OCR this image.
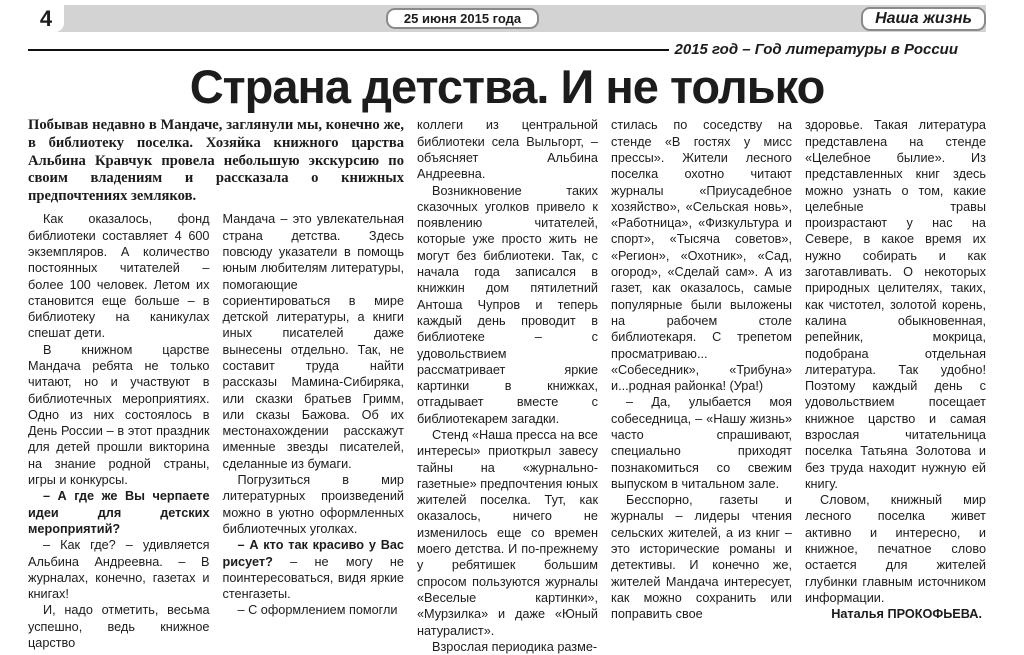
4	25 июня 2015 года	Наша жизнь
2015 год – Год литературы в России
Страна детства. И не только
Побывав недавно в Мандаче, заглянули мы, конечно же, в библиотеку поселка. Хозяйка книжного царства Альбина Кравчук провела небольшую экскурсию по своим владениям и рассказала о книжных предпочтениях земляков.

Как оказалось, фонд библиотеки составляет 4 600 экземпляров. А количество постоянных читателей – более 100 человек. Летом их становится еще больше – в библиотеку на каникулах спешат дети.

В книжном царстве Мандача ребята не только читают, но и участвуют в библиотечных мероприятиях. Одно из них состоялось в День России – в этот праздник для детей прошли викторина на знание родной страны, игры и конкурсы.

– А где же Вы черпаете идеи для детских мероприятий?

– Как где? – удивляется Альбина Андреевна. – В журналах, конечно, газетах и книгах!

И, надо отметить, весьма успешно, ведь книжное царство

Мандача – это увлекательная страна детства. Здесь повсюду указатели в помощь юным любителям литературы, помогающие сориентироваться в мире детской литературы, а книги иных писателей даже вынесены отдельно. Так, не составит труда найти рассказы Мамина-Сибиряка, или сказки братьев Гримм, или сказы Бажова. Об их местонахождении расскажут именные звезды писателей, сделанные из бумаги.

Погрузиться в мир литературных произведений можно в уютно оформленных библиотечных уголках.

– А кто так красиво у Вас рисует? – не могу не поинтересоваться, видя яркие стенгазеты.

– С оформлением помогли

коллеги из центральной библиотеки села Выльгорт, – объясняет Альбина Андреевна.

Возникновение таких сказочных уголков привело к появлению читателей, которые уже просто жить не могут без библиотеки. Так, с начала года записался в книжкин дом пятилетний Антоша Чупров и теперь каждый день проводит в библиотеке – с удовольствием рассматривает яркие картинки в книжках, отгадывает вместе с библиотекарем загадки.

Стенд «Наша пресса на все интересы» приоткрыл завесу тайны на «журнально-газетные» предпочтения юных жителей поселка. Тут, как оказалось, ничего не изменилось еще со времен моего детства. И по-прежнему у ребятишек большим спросом пользуются журналы «Веселые картинки», «Мурзилка» и даже «Юный натуралист».

Взрослая периодика разме-

стилась по соседству на стенде «В гостях у мисс прессы». Жители лесного поселка охотно читают журналы «Приусадебное хозяйство», «Сельская новь», «Работница», «Физкультура и спорт», «Тысяча советов», «Регион», «Охотник», «Сад, огород», «Сделай сам». А из газет, как оказалось, самые популярные были выложены на рабочем столе библиотекаря. С трепетом просматриваю... «Собеседник», «Трибуна» и...родная районка! (Ура!)

– Да, улыбается моя собеседница, – «Нашу жизнь» часто спрашивают, специально приходят познакомиться со свежим выпуском в читальном зале.

Бесспорно, газеты и журналы – лидеры чтения сельских жителей, а из книг – это исторические романы и детективы. И конечно же, жителей Мандача интересует, как можно сохранить или поправить свое

здоровье. Такая литература представлена на стенде «Целебное былие». Из представленных книг здесь можно узнать о том, какие целебные травы произрастают у нас на Севере, в какое время их нужно собирать и как заготавливать. О некоторых природных целителях, таких, как чистотел, золотой корень, калина обыкновенная, репейник, мокрица, подобрана отдельная литература. Так удобно! Поэтому каждый день с удовольствием посещает книжное царство и самая взрослая читательница поселка Татьяна Золотова и без труда находит нужную ей книгу.

Словом, книжный мир лесного поселка живет активно и интересно, и книжное, печатное слово остается для жителей глубинки главным источником информации.

Наталья ПРОКОФЬЕВА.
